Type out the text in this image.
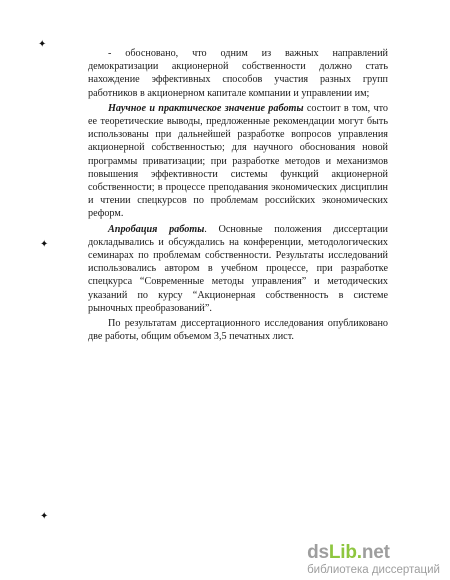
✦
✦
✦

- обосновано, что одним из важных направлений демократизации акционерной собственности должно стать нахождение эффективных способов участия разных групп работников в акционерном капитале компании и управлении им;

Научное и практическое значение работы состоит в том, что ее теоретические выводы, предложенные рекомендации могут быть использованы при дальнейшей разработке вопросов управления акционерной собственностью; для научного обоснования новой программы приватизации; при разработке методов и механизмов повышения эффективности системы функций акционерной собственности; в процессе преподавания экономических дисциплин и чтении спецкурсов по проблемам российских экономических реформ.

Апробация работы. Основные положения диссертации докладывались и обсуждались на конференции, методологических семинарах по проблемам собственности. Результаты исследований использовались автором в учебном процессе, при разработке спецкурса “Современные методы управления” и методических указаний по курсу “Акционерная собственность в системе рыночных преобразований”.

По результатам диссертационного исследования опубликовано две работы, общим объемом 3,5 печатных лист.

dsLib.net
библиотека диссертаций
